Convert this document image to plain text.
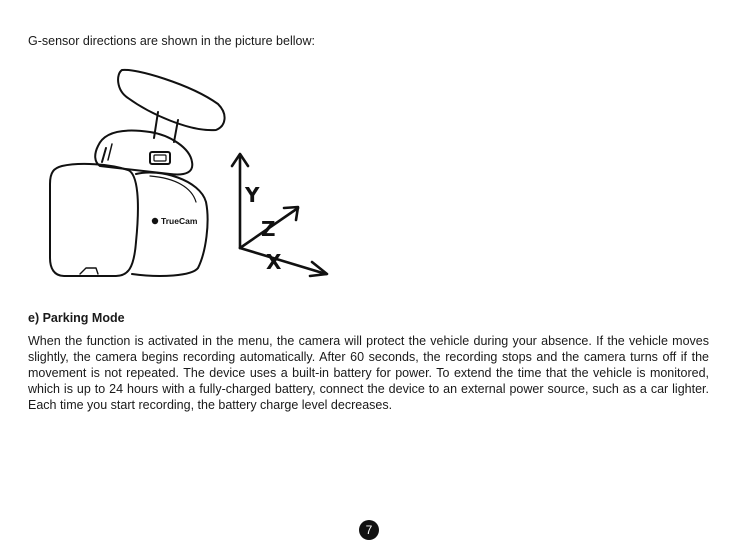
G-sensor directions are shown in the picture bellow:

TrueCam
Y
Z
X
e) Parking Mode

When the function is activated in the menu, the camera will protect the vehicle during your absence. If the vehicle moves slightly, the camera begins recording automatically. After 60 seconds, the recording stops and the camera turns off if the movement is not repeated. The device uses a built-in battery for power. To extend the time that the vehicle is monitored, which is up to 24 hours with a fully-charged battery, connect the device to an external power source, such as a car lighter. Each time you start recording, the battery charge level decreases.

7
